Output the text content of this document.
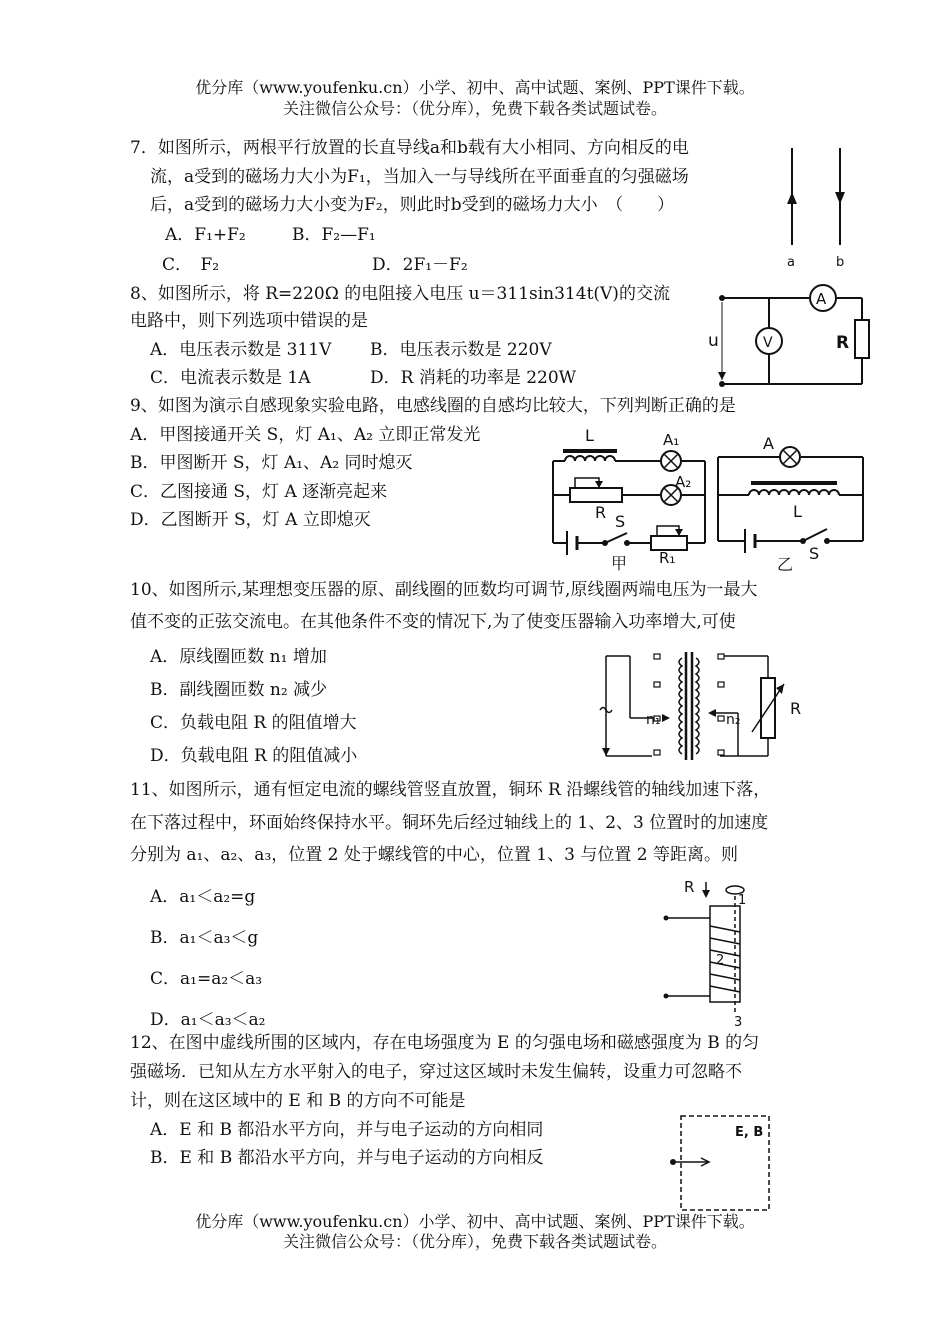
优分库（www.youfenku.cn）小学、初中、高中试题、案例、PPT课件下载。
关注微信公众号：（优分库），免费下载各类试题试卷。
7．如图所示，两根平行放置的长直导线a和b载有大小相同、方向相反的电
流，a受到的磁场力大小为F₁，当加入一与导线所在平面垂直的匀强磁场
后，a受到的磁场力大小变为F₂，则此时b受到的磁场力大小　（　　）
A．F₁+F₂	B．F₂—F₁
C．　F₂	D．2F₁－F₂	a	b
8、如图所示，将 R=220Ω 的电阻接入电压 u＝311sin314t(V)的交流
电路中，则下列选项中错误的是
A．电压表示数是 311V B．电压表示数是 220V
C．电流表示数是 1A	D．R 消耗的功率是 220W
A
V
u	R
9、如图为演示自感现象实验电路，电感线圈的自感均比较大，下列判断正确的是
A．甲图接通开关 S，灯 A₁、A₂ 立即正常发光
B．甲图断开 S，灯 A₁、A₂ 同时熄灭
C．乙图接通 S，灯 A 逐渐亮起来
D．乙图断开 S，灯 A 立即熄灭
L	A₁
A₂
R S
R₁
甲
A
L
乙
S
10、如图所示,某理想变压器的原、副线圈的匝数均可调节,原线圈两端电压为一最大
值不变的正弦交流电。在其他条件不变的情况下,为了使变压器输入功率增大,可使
A．原线圈匝数 n₁ 增加
B．副线圈匝数 n₂ 减少
C．负载电阻 R 的阻值增大
D．负载电阻 R 的阻值减小
n₁	n₂
R
11、如图所示，通有恒定电流的螺线管竖直放置，铜环 R 沿螺线管的轴线加速下落，
在下落过程中，环面始终保持水平。铜环先后经过轴线上的 1、2、3 位置时的加速度
分别为 a₁、a₂、a₃，位置 2 处于螺线管的中心，位置 1、3 与位置 2 等距离。则
A．a₁＜a₂=g
B．a₁＜a₃＜g
C．a₁=a₂＜a₃
D．a₁＜a₃＜a₂
R
1
2
3
12、在图中虚线所围的区域内，存在电场强度为 E 的匀强电场和磁感强度为 B 的匀
强磁场．已知从左方水平射入的电子，穿过这区域时未发生偏转，设重力可忽略不
计，则在这区域中的 E 和 B 的方向不可能是
A．E 和 B 都沿水平方向，并与电子运动的方向相同
B．E 和 B 都沿水平方向，并与电子运动的方向相反
E, B
优分库（www.youfenku.cn）小学、初中、高中试题、案例、PPT课件下载。
关注微信公众号：（优分库），免费下载各类试题试卷。
